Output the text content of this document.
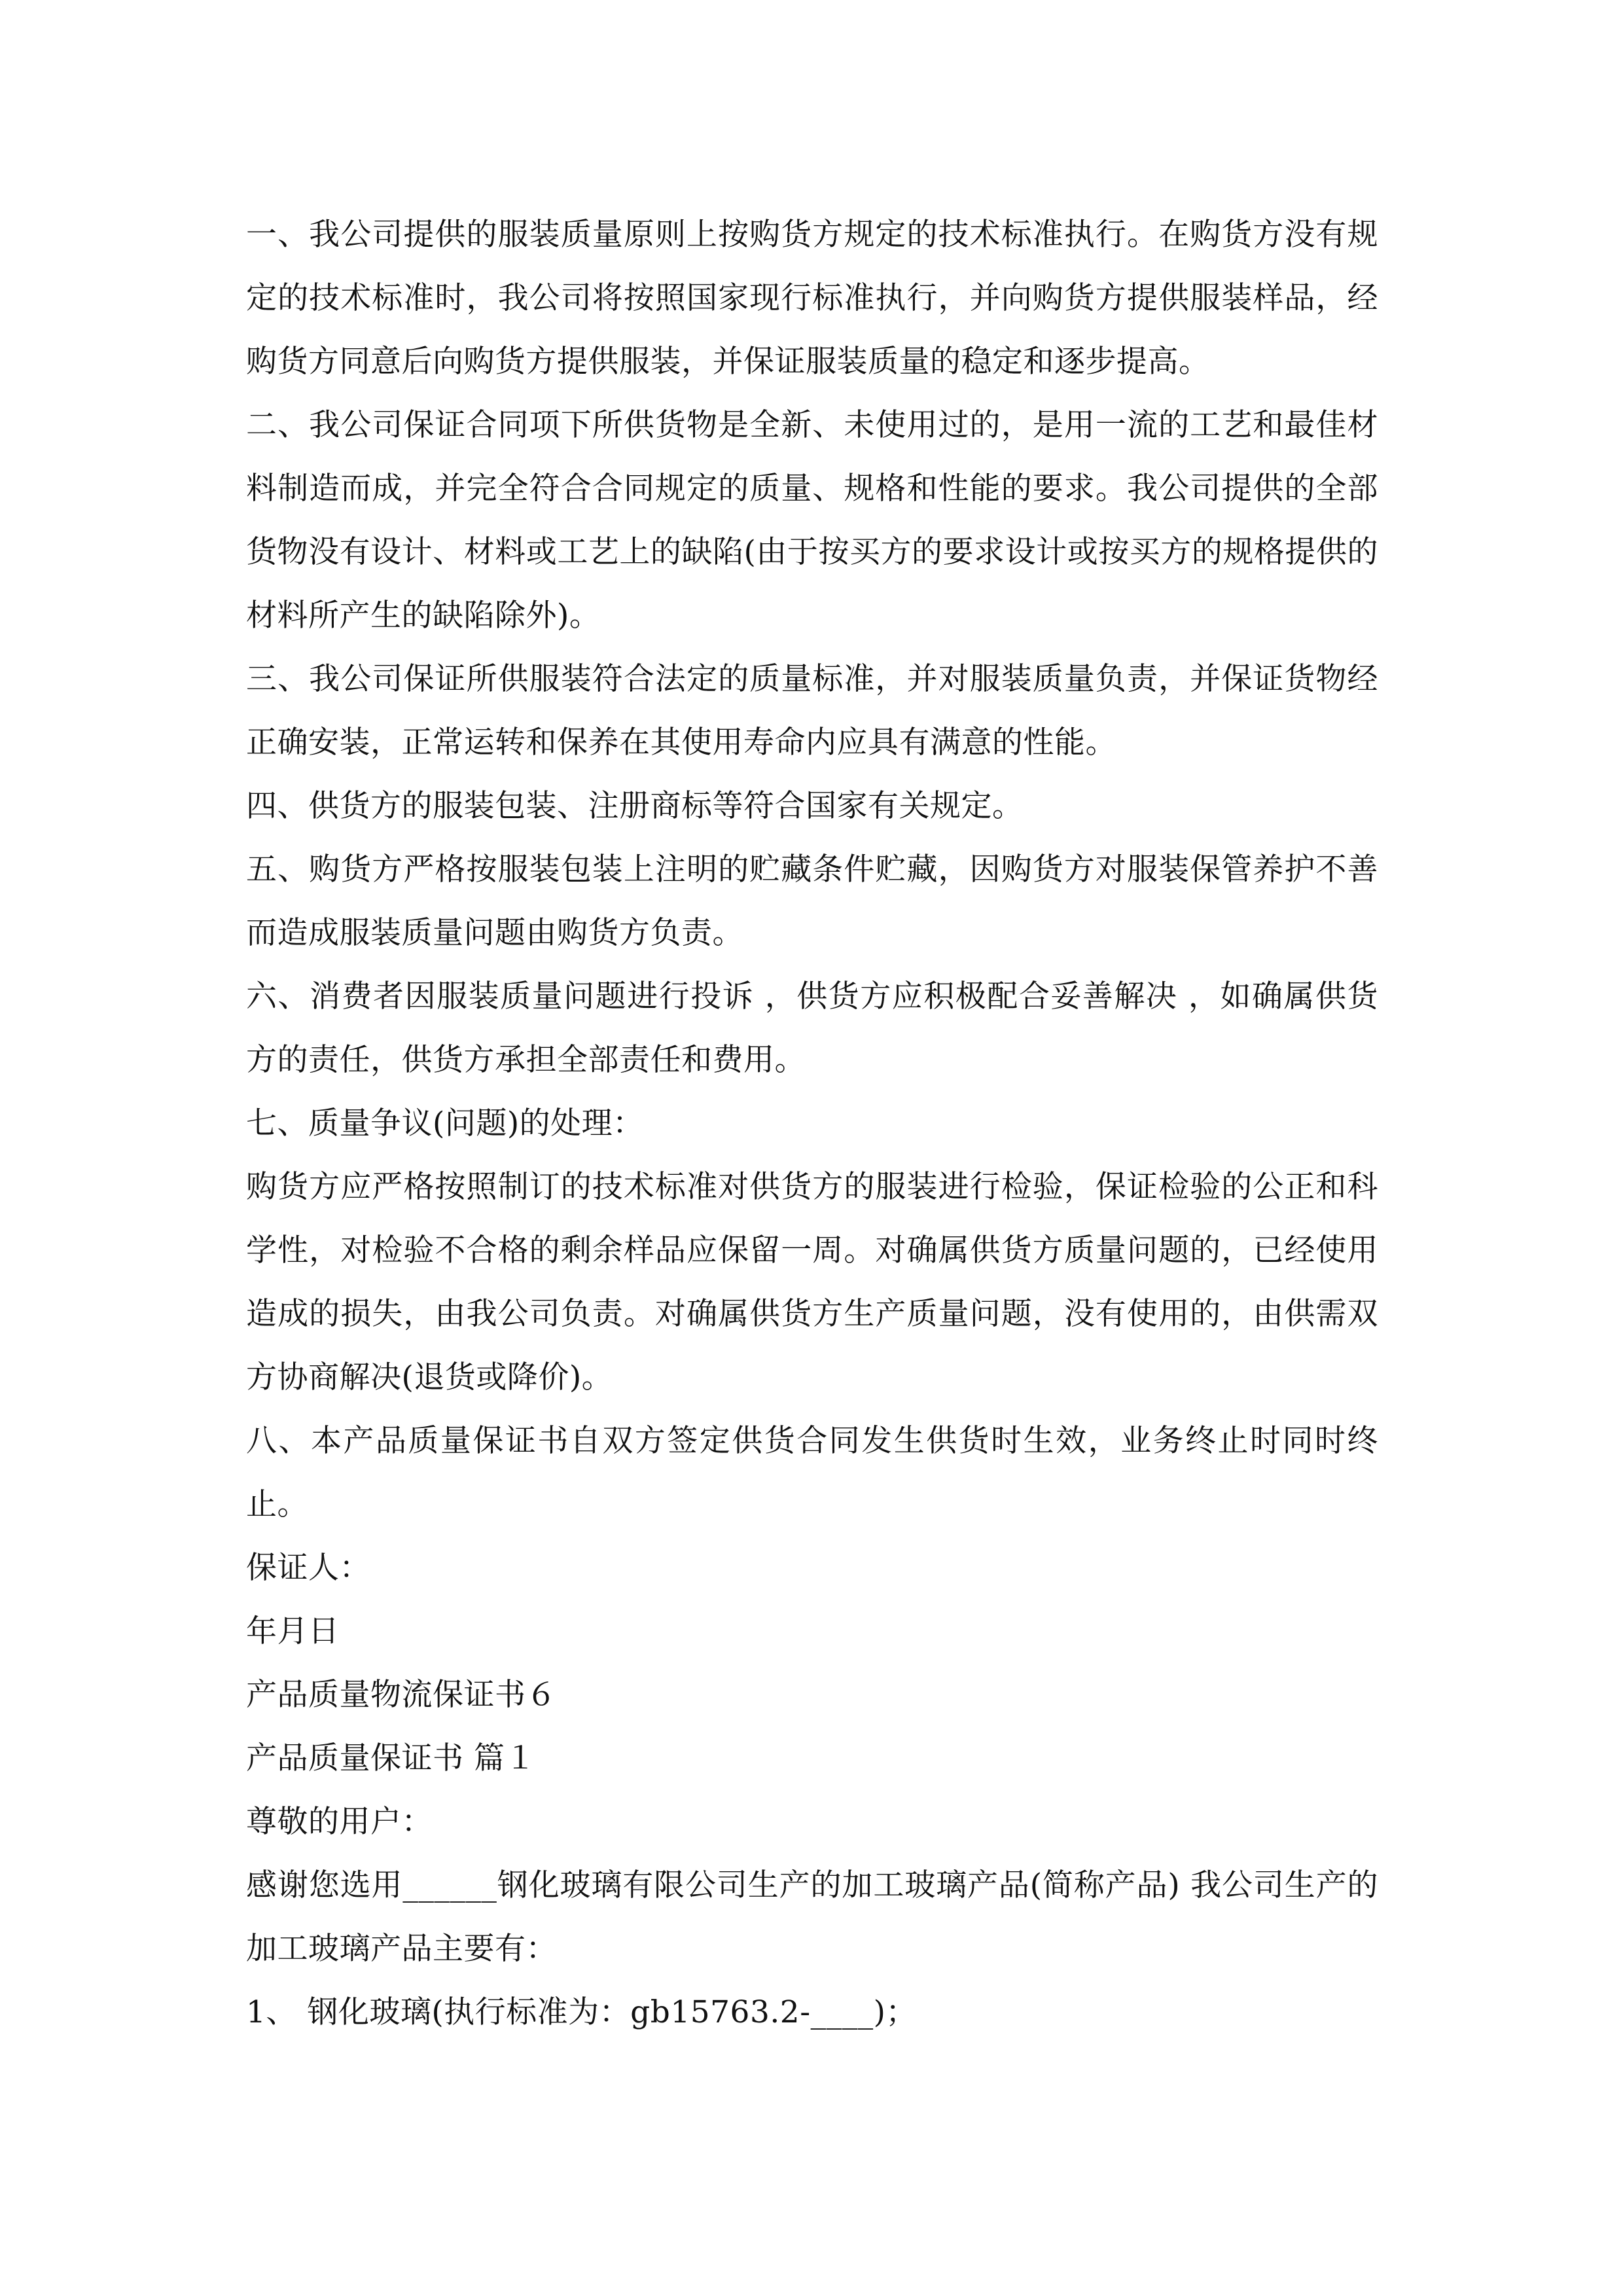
一、我公司提供的服装质量原则上按购货方规定的技术标准执行。在购货方没有规定的技术标准时，我公司将按照国家现行标准执行，并向购货方提供服装样品，经购货方同意后向购货方提供服装，并保证服装质量的稳定和逐步提高。

二、我公司保证合同项下所供货物是全新、未使用过的，是用一流的工艺和最佳材料制造而成，并完全符合合同规定的质量、规格和性能的要求。我公司提供的全部货物没有设计、材料或工艺上的缺陷(由于按买方的要求设计或按买方的规格提供的材料所产生的缺陷除外)。

三、我公司保证所供服装符合法定的质量标准，并对服装质量负责，并保证货物经正确安装，正常运转和保养在其使用寿命内应具有满意的性能。

四、供货方的服装包装、注册商标等符合国家有关规定。

五、购货方严格按服装包装上注明的贮藏条件贮藏，因购货方对服装保管养护不善而造成服装质量问题由购货方负责。

六、消费者因服装质量问题进行投诉 ，供货方应积极配合妥善解决 ，如确属供货方的责任，供货方承担全部责任和费用。

七、质量争议(问题)的处理：

购货方应严格按照制订的技术标准对供货方的服装进行检验，保证检验的公正和科学性，对检验不合格的剩余样品应保留一周。对确属供货方质量问题的，已经使用造成的损失，由我公司负责。对确属供货方生产质量问题，没有使用的，由供需双方协商解决(退货或降价)。

八、本产品质量保证书自双方签定供货合同发生供货时生效，业务终止时同时终止。

保证人：

年月日

产品质量物流保证书６

产品质量保证书 篇１

尊敬的用户：

感谢您选用______钢化玻璃有限公司生产的加工玻璃产品(简称产品) 我公司生产的加工玻璃产品主要有：

1、 钢化玻璃(执行标准为：gb15763.2-____)；
